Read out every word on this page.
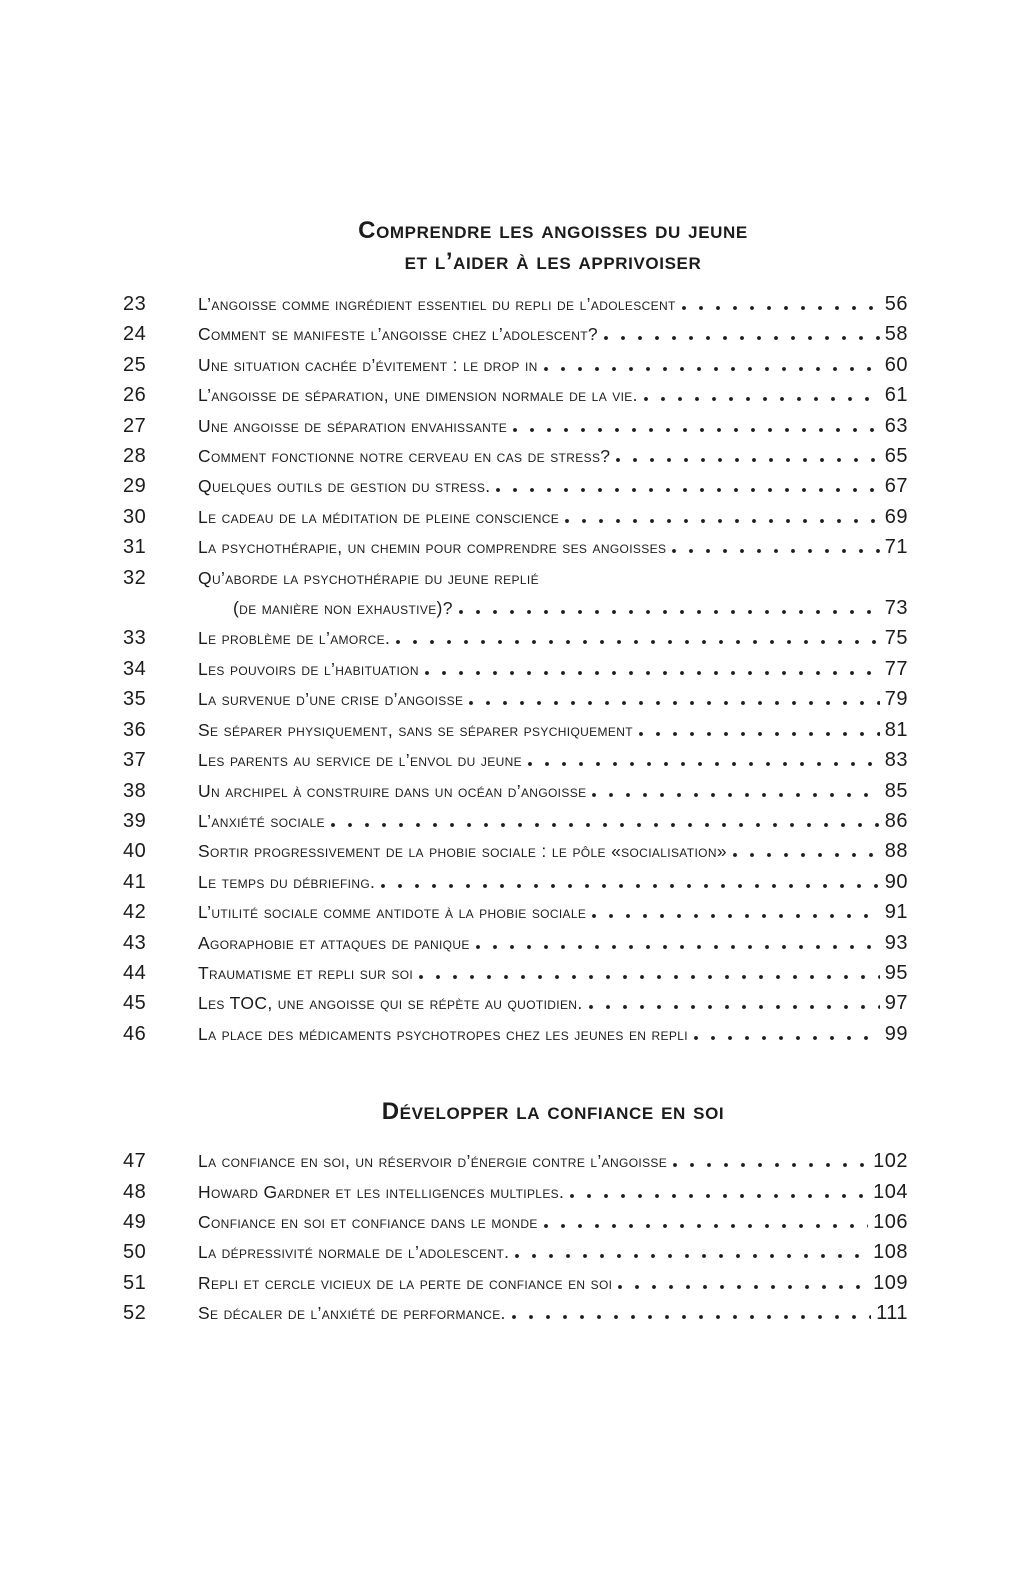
Comprendre les angoisses du jeune
et l’aider à les apprivoiser
23	L’angoisse comme ingrédient essentiel du repli de l’adolescent	56
24	Comment se manifeste l’angoisse chez l’adolescent?	58
25	Une situation cachée d’évitement : le drop in	60
26	L’angoisse de séparation, une dimension normale de la vie.	61
27	Une angoisse de séparation envahissante	63
28	Comment fonctionne notre cerveau en cas de stress?	65
29	Quelques outils de gestion du stress.	67
30	Le cadeau de la méditation de pleine conscience	69
31	La psychothérapie, un chemin pour comprendre ses angoisses	71
32	Qu’aborde la psychothérapie du jeune replié
(de manière non exhaustive)?	73
33	Le problème de l’amorce.	75
34	Les pouvoirs de l’habituation	77
35	La survenue d’une crise d’angoisse	79
36	Se séparer physiquement, sans se séparer psychiquement	81
37	Les parents au service de l’envol du jeune	83
38	Un archipel à construire dans un océan d’angoisse	85
39	L’anxiété sociale	86
40	Sortir progressivement de la phobie sociale : le pôle «socialisation»	88
41	Le temps du débriefing.	90
42	L’utilité sociale comme antidote à la phobie sociale	91
43	Agoraphobie et attaques de panique	93
44	Traumatisme et repli sur soi	95
45	Les TOC, une angoisse qui se répète au quotidien.	97
46	La place des médicaments psychotropes chez les jeunes en repli	99
Développer la confiance en soi
47	La confiance en soi, un réservoir d’énergie contre l’angoisse	102
48	Howard Gardner et les intelligences multiples.	104
49	Confiance en soi et confiance dans le monde	106
50	La dépressivité normale de l’adolescent.	108
51	Repli et cercle vicieux de la perte de confiance en soi	109
52	Se décaler de l’anxiété de performance.	111
